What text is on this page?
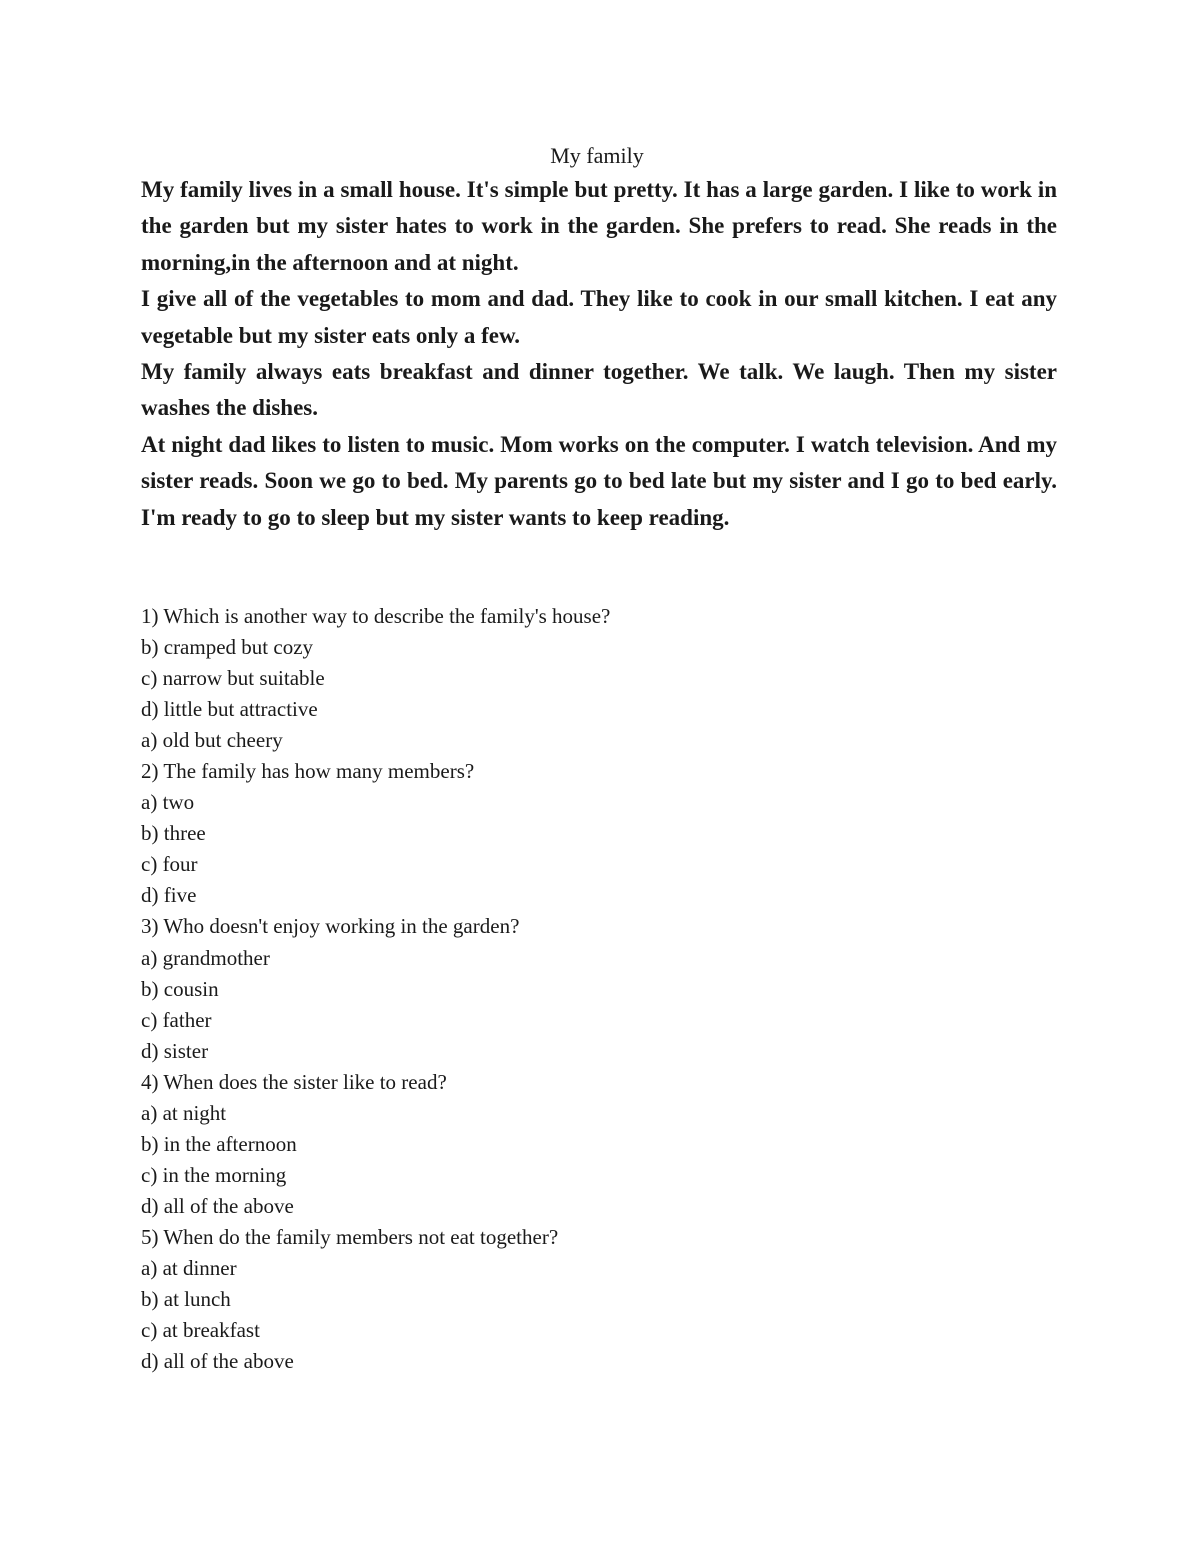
My family

My family lives in a small house. It's simple but pretty. It has a large garden. I like to work in the garden but my sister hates to work in the garden. She prefers to read. She reads in the morning,in the afternoon and at night.

I give all of the vegetables to mom and dad. They like to cook in our small kitchen. I eat any vegetable but my sister eats only a few.

My family always eats breakfast and dinner together. We talk. We laugh. Then my sister washes the dishes.

At night dad likes to listen to music. Mom works on the computer. I watch television. And my sister reads. Soon we go to bed. My parents go to bed late but my sister and I go to bed early. I'm ready to go to sleep but my sister wants to keep reading.

1) Which is another way to describe the family's house?
b) cramped but cozy
c) narrow but suitable
d) little but attractive
a) old but cheery
2) The family has how many members?
a) two
b) three
c) four
d) five
3) Who doesn't enjoy working in the garden?
a) grandmother
b) cousin
c) father
d) sister
4) When does the sister like to read?
a) at night
b) in the afternoon
c) in the morning
d) all of the above
5) When do the family members not eat together?
a) at dinner
b) at lunch
c) at breakfast
d) all of the above
